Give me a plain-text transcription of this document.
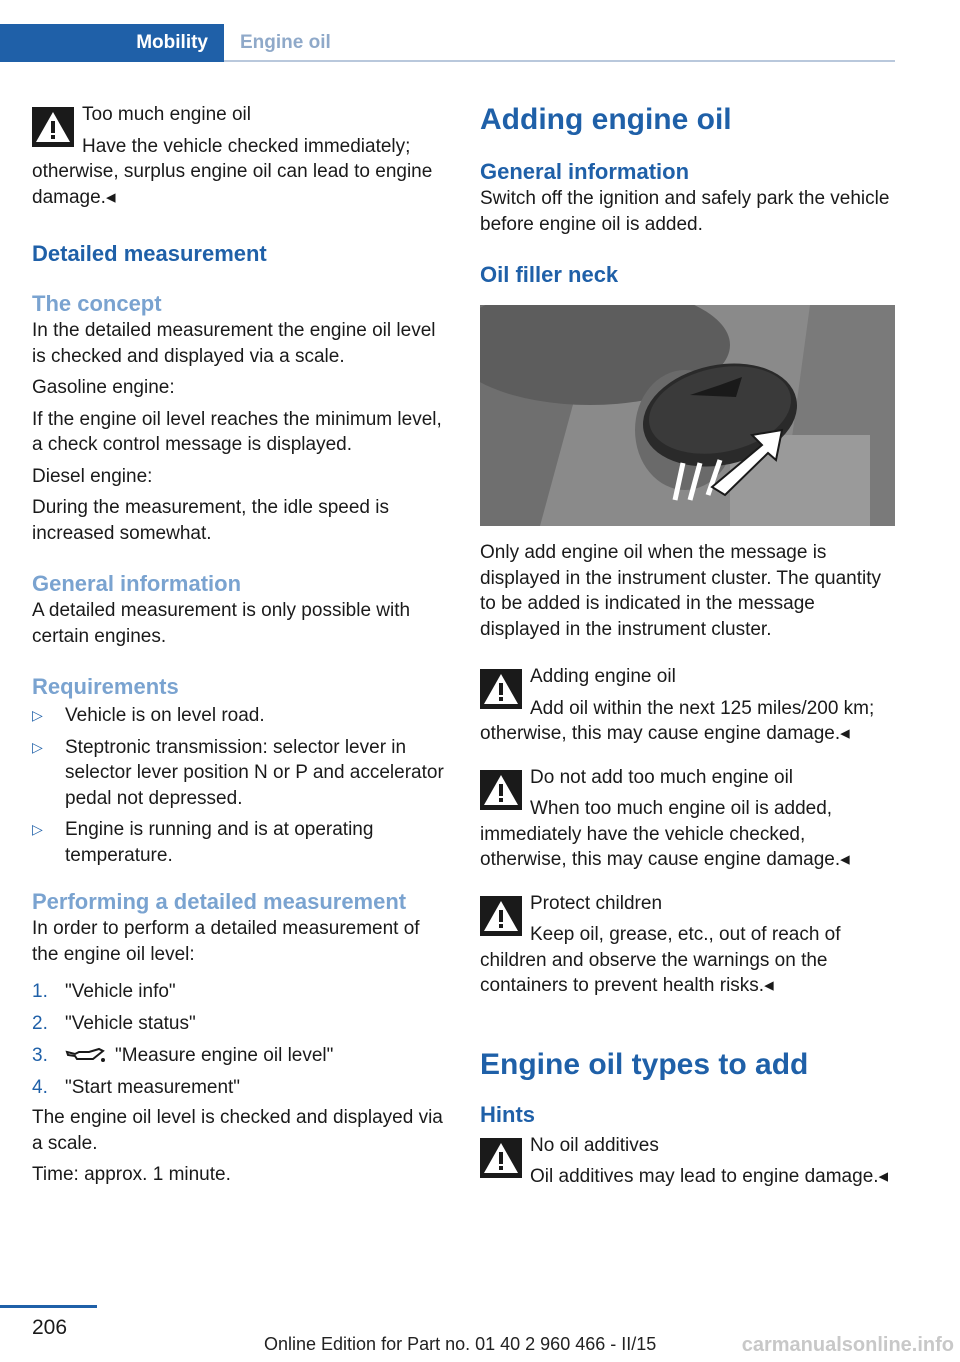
Mobility Engine oil

Too much engine oil

Have the vehicle checked immediately; otherwise, surplus engine oil can lead to engine damage.◂

Detailed measurement
The concept

In the detailed measurement the engine oil level is checked and displayed via a scale.

Gasoline engine:

If the engine oil level reaches the minimum level, a check control message is displayed.

Diesel engine:

During the measurement, the idle speed is increased somewhat.

General information

A detailed measurement is only possible with certain engines.

Requirements
▷ Vehicle is on level road.
▷ Steptronic transmission: selector lever in selector lever position N or P and accelerator pedal not depressed.
▷ Engine is running and is at operating temperature.
Performing a detailed measurement

In order to perform a detailed measurement of the engine oil level:

1. "Vehicle info"
2. "Vehicle status"
3.	"Measure engine oil level"
4. "Start measurement"

The engine oil level is checked and displayed via a scale.

Time: approx. 1 minute.

Adding engine oil
General information

Switch off the ignition and safely park the vehicle before engine oil is added.

Oil filler neck

Only add engine oil when the message is displayed in the instrument cluster. The quantity to be added is indicated in the message displayed in the instrument cluster.

Adding engine oil

Add oil within the next 125 miles/200 km; otherwise, this may cause engine damage.◂

Do not add too much engine oil

When too much engine oil is added, immediately have the vehicle checked, otherwise, this may cause engine damage.◂

Protect children

Keep oil, grease, etc., out of reach of children and observe the warnings on the containers to prevent health risks.◂

Engine oil types to add
Hints

No oil additives

Oil additives may lead to engine damage.◂

206
Online Edition for Part no. 01 40 2 960 466 - II/15	carmanualsonline.info
